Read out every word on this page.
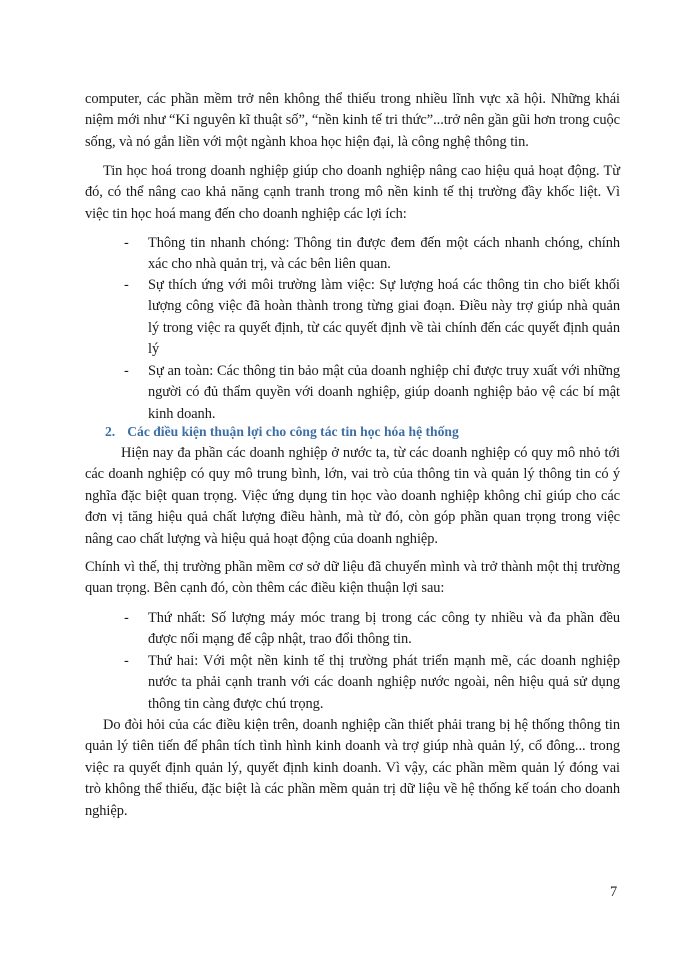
computer, các phần mềm trở nên không thể thiếu trong nhiều lĩnh vực xã hội. Những khái niệm mới như “Kỉ nguyên kĩ thuật số”, “nền kinh tế tri thức”...trở nên gần gũi hơn trong cuộc sống, và nó gắn liền với một ngành khoa học hiện đại, là công nghệ thông tin.

Tin học hoá trong doanh nghiệp giúp cho doanh nghiệp nâng cao hiệu quả hoạt động. Từ đó, có thể nâng cao khả năng cạnh tranh trong mô nền kinh tế thị trường đầy khốc liệt. Vì việc tin học hoá mang đến cho doanh nghiệp các lợi ích:

- Thông tin nhanh chóng: Thông tin được đem đến một cách nhanh chóng, chính xác cho nhà quản trị, và các bên liên quan.
- Sự thích ứng với môi trường làm việc: Sự lượng hoá các thông tin cho biết khối lượng công việc đã hoàn thành trong từng giai đoạn. Điều này trợ giúp nhà quản lý trong việc ra quyết định, từ các quyết định về tài chính đến các quyết định quản lý
- Sự an toàn: Các thông tin bảo mật của doanh nghiệp chỉ được truy xuất với những người có đủ thẩm quyền với doanh nghiệp, giúp doanh nghiệp bảo vệ các bí mật kinh doanh.
2. Các điều kiện thuận lợi cho công tác tin học hóa hệ thống

Hiện nay đa phần các doanh nghiệp ở nước ta, từ các doanh nghiệp có quy mô nhỏ tới các doanh nghiệp có quy mô trung bình, lớn, vai trò của thông tin và quản lý thông tin có ý nghĩa đặc biệt quan trọng. Việc ứng dụng tin học vào doanh nghiệp không chỉ giúp cho các đơn vị tăng hiệu quả chất lượng điều hành, mà từ đó, còn góp phần quan trọng trong việc nâng cao chất lượng và hiệu quả hoạt động của doanh nghiệp.

Chính vì thế, thị trường phần mềm cơ sở dữ liệu đã chuyển mình và trở thành một thị trường quan trọng. Bên cạnh đó, còn thêm các điều kiện thuận lợi sau:

- Thứ nhất: Số lượng máy móc trang bị trong các công ty nhiều và đa phần đều được nối mạng để cập nhật, trao đổi thông tin.
- Thứ hai: Với một nền kinh tế thị trường phát triển mạnh mẽ, các doanh nghiệp nước ta phải cạnh tranh với các doanh nghiệp nước ngoài, nên hiệu quả sử dụng thông tin càng được chú trọng.

Do đòi hỏi của các điều kiện trên, doanh nghiệp cần thiết phải trang bị hệ thống thông tin quản lý tiên tiến để phân tích tình hình kinh doanh và trợ giúp nhà quản lý, cổ đông... trong việc ra quyết định quản lý, quyết định kinh doanh. Vì vậy, các phần mềm quản lý đóng vai trò không thể thiếu, đặc biệt là các phần mềm quản trị dữ liệu về hệ thống kế toán cho doanh nghiệp.

7
